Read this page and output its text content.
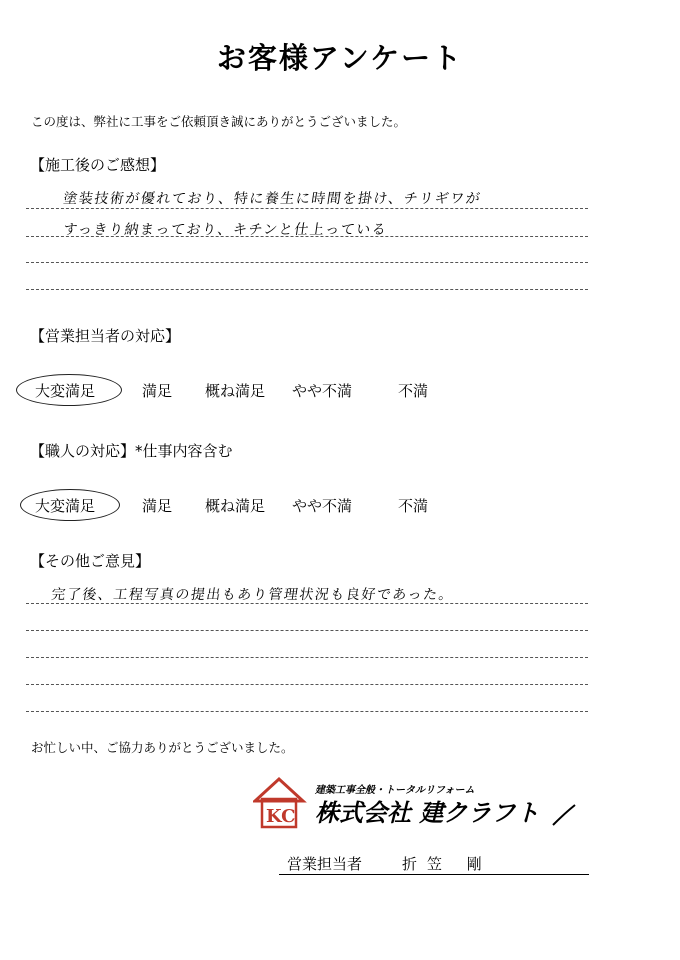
お客様アンケート
この度は、弊社に工事をご依頼頂き誠にありがとうございました。
【施工後のご感想】
塗装技術が優れており、特に養生に時間を掛け、チリギワが
すっきり納まっており、キチンと仕上っている
【営業担当者の対応】
大変満足	満足 概ね満足 やや不満	不満
【職人の対応】*仕事内容含む
大変満足	満足 概ね満足 やや不満	不満
【その他ご意見】
完了後、工程写真の提出もあり管理状況も良好であった。
お忙しい中、ご協力ありがとうございました。
KC
建築工事全般・トータルリフォーム
株式会社 建クラフト
営業担当者	折笠 剛
